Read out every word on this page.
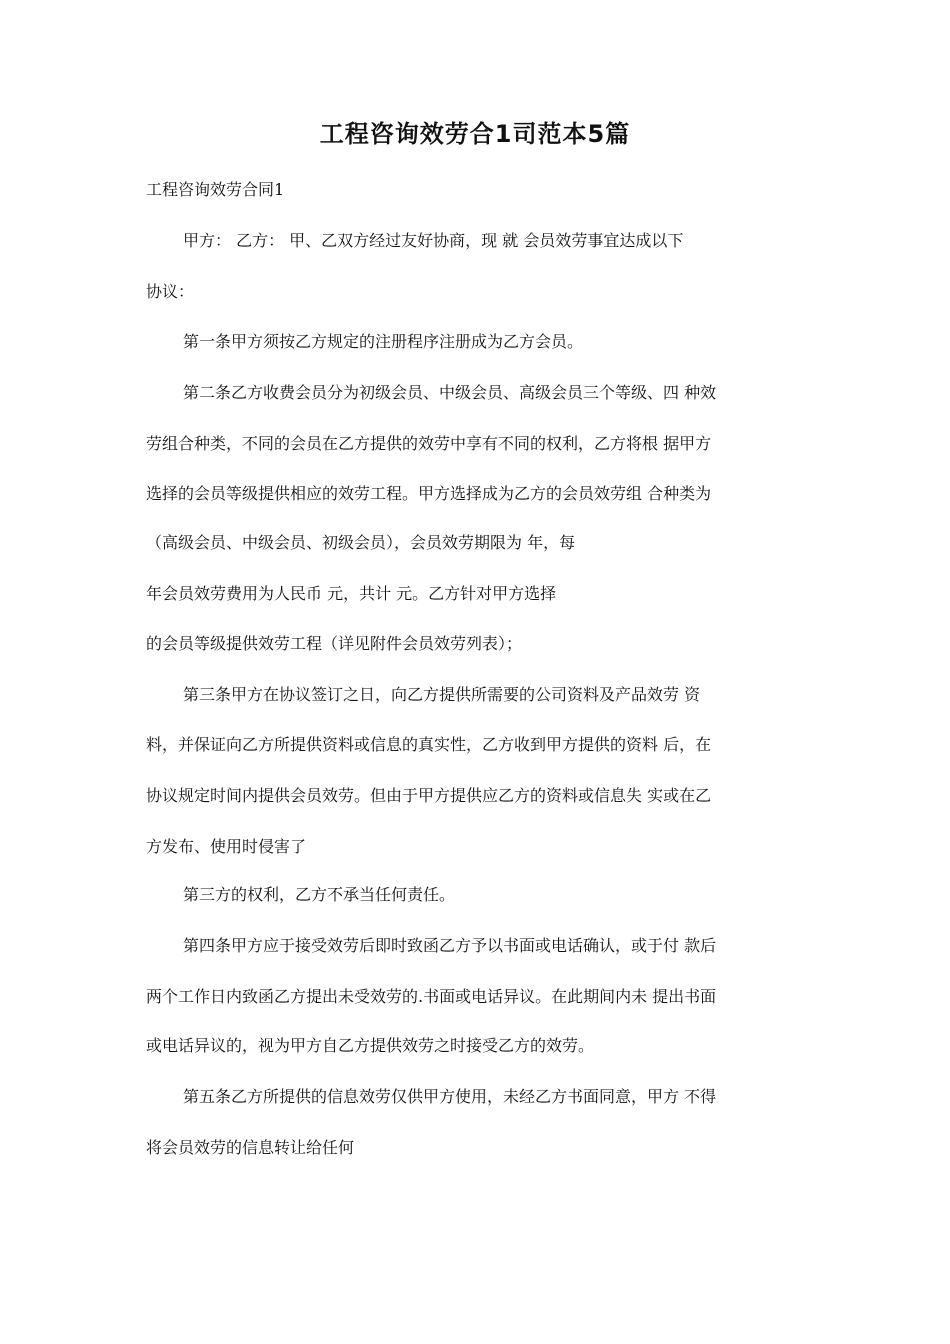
工程咨询效劳合1司范本5篇
工程咨询效劳合同1
甲方： 乙方： 甲、乙双方经过友好协商，现 就 会员效劳事宜达成以下
协议：
第一条甲方须按乙方规定的注册程序注册成为乙方会员。
第二条乙方收费会员分为初级会员、中级会员、高级会员三个等级、四 种效
劳组合种类，不同的会员在乙方提供的效劳中享有不同的权利，乙方将根 据甲方
选择的会员等级提供相应的效劳工程。甲方选择成为乙方的会员效劳组 合种类为
（高级会员、中级会员、初级会员），会员效劳期限为 年，每
年会员效劳费用为人民币 元，共计 元。乙方针对甲方选择
的会员等级提供效劳工程（详见附件会员效劳列表）；
第三条甲方在协议签订之日，向乙方提供所需要的公司资料及产品效劳 资
料，并保证向乙方所提供资料或信息的真实性，乙方收到甲方提供的资料 后，在
协议规定时间内提供会员效劳。但由于甲方提供应乙方的资料或信息失 实或在乙
方发布、使用时侵害了
第三方的权利，乙方不承当任何责任。
第四条甲方应于接受效劳后即时致函乙方予以书面或电话确认，或于付 款后
两个工作日内致函乙方提出未受效劳的.书面或电话异议。在此期间内未 提出书面
或电话异议的，视为甲方自乙方提供效劳之时接受乙方的效劳。
第五条乙方所提供的信息效劳仅供甲方使用，未经乙方书面同意，甲方 不得
将会员效劳的信息转让给任何
